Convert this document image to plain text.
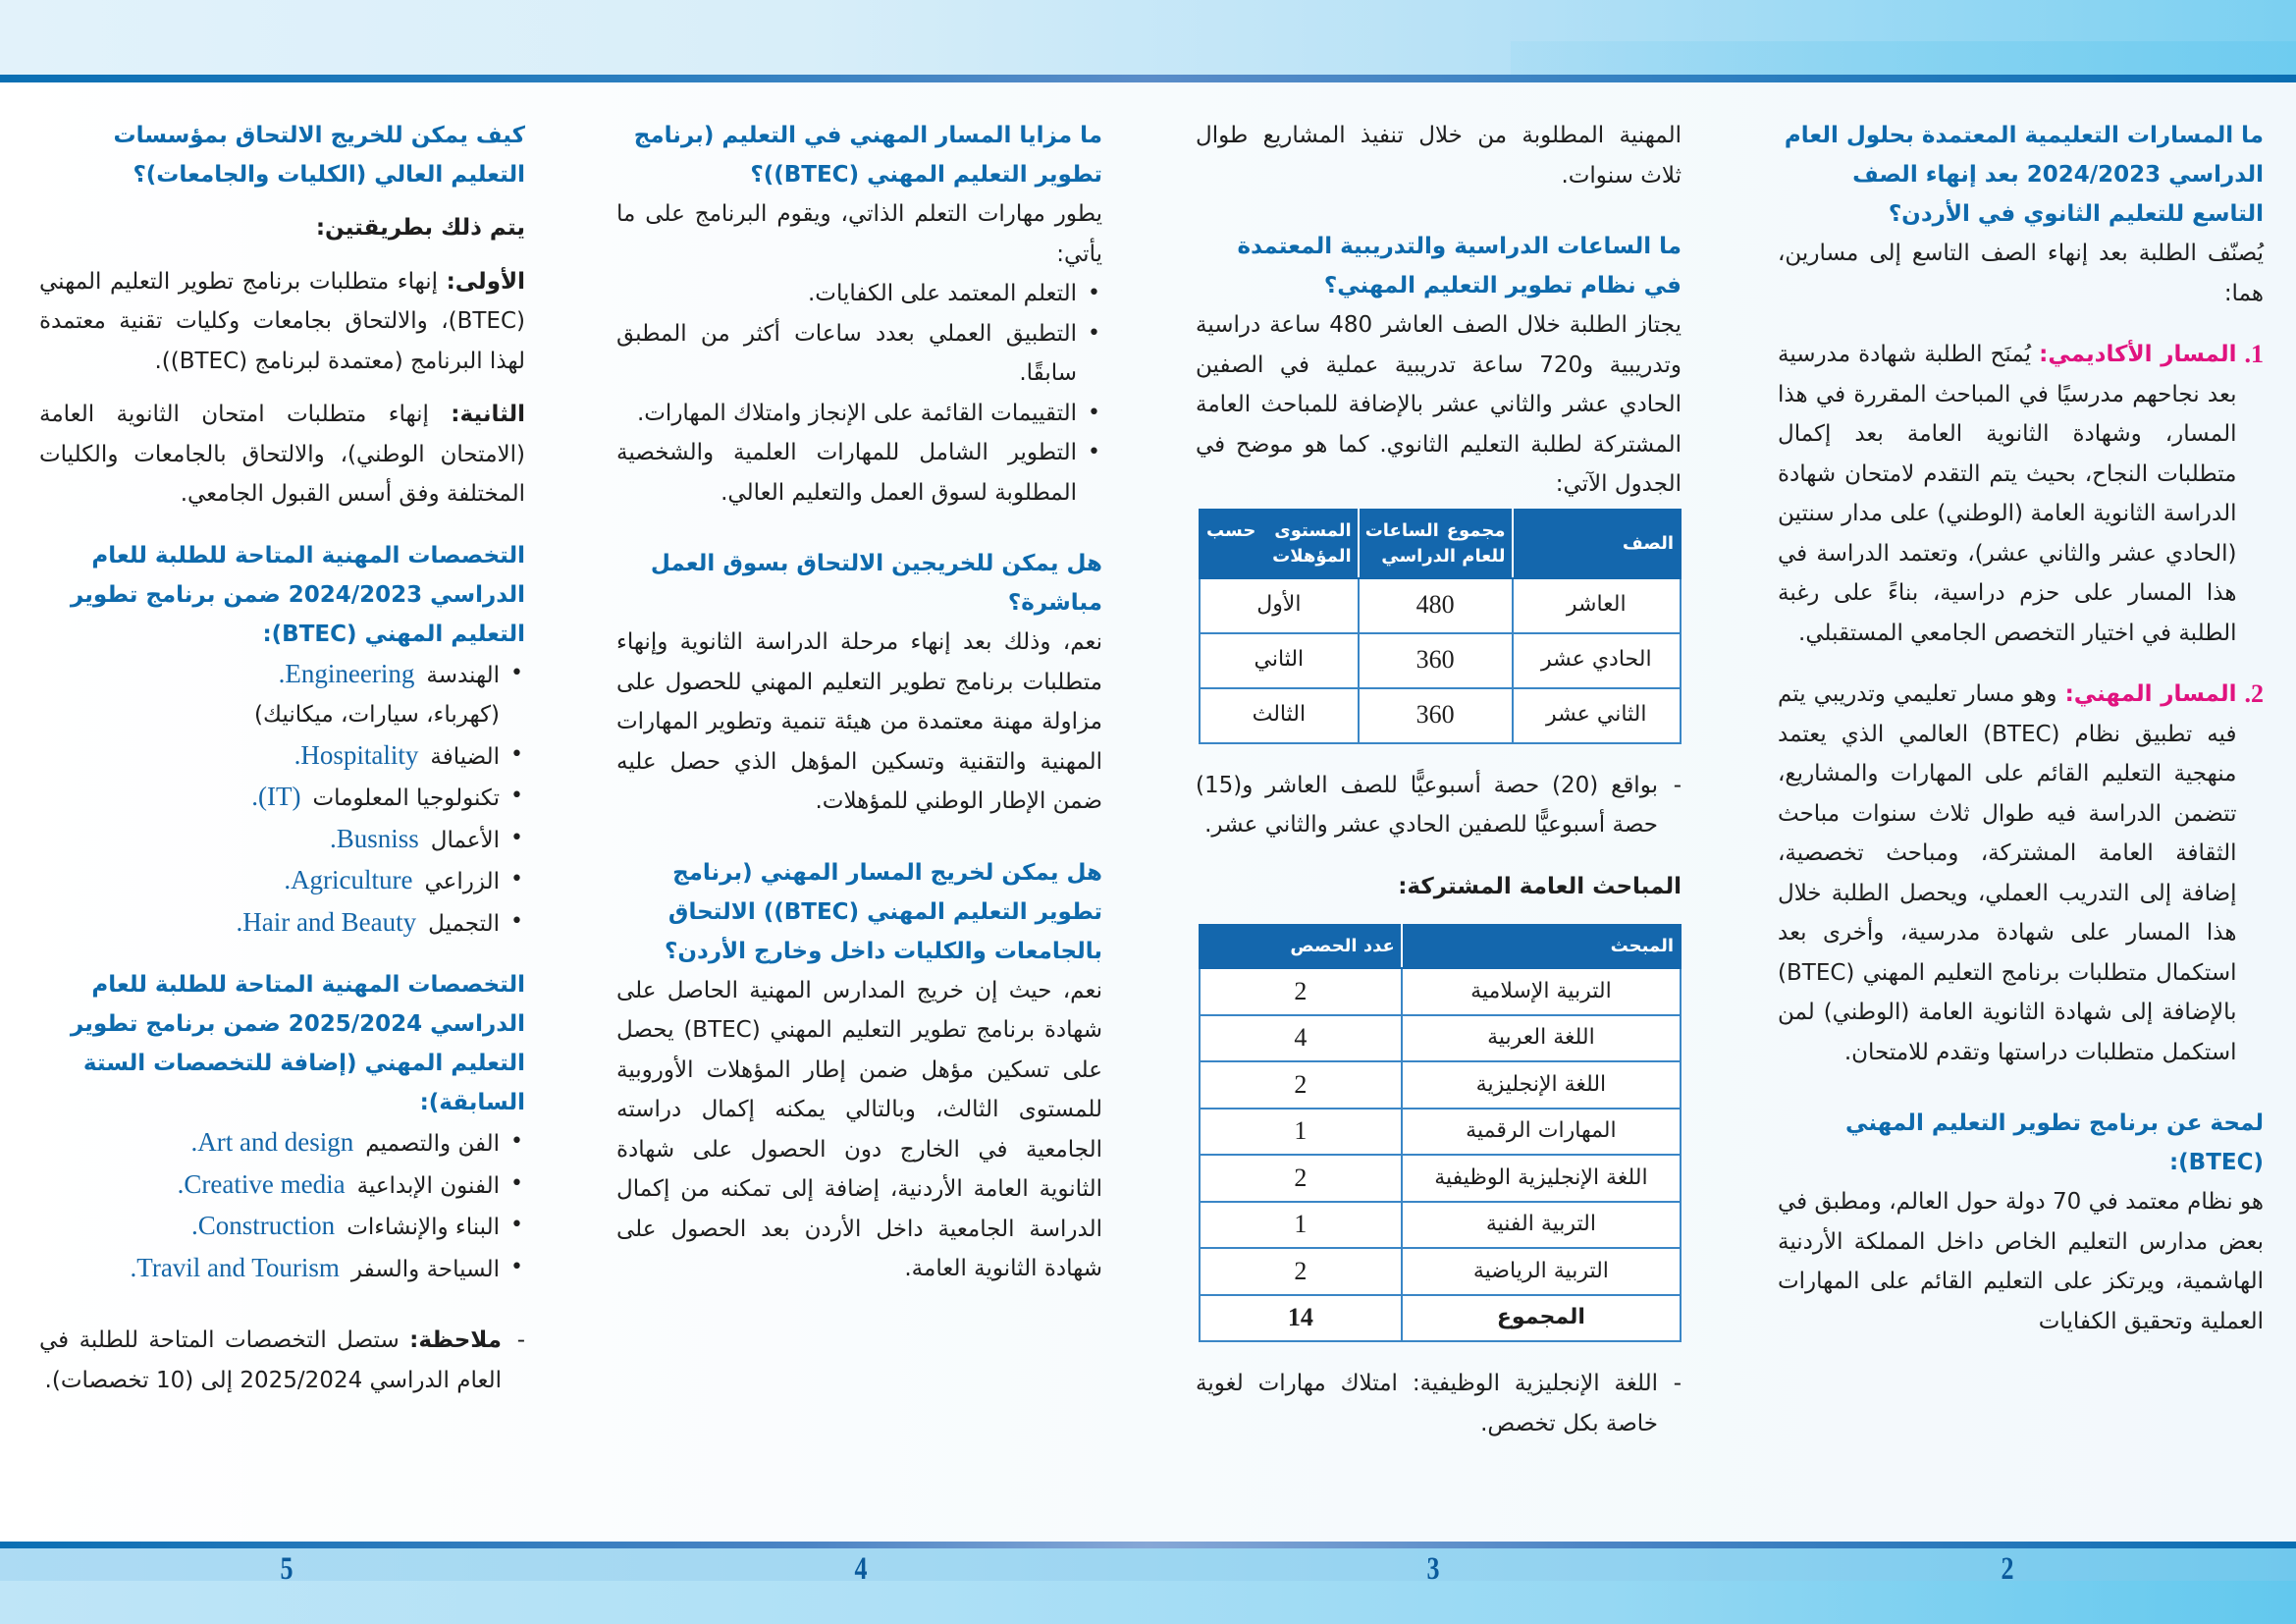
ما المسارات التعليمية المعتمدة بحلول العام الدراسي 2024/2023 بعد إنهاء الصف التاسع للتعليم الثانوي في الأردن؟
يُصنّف الطلبة بعد إنهاء الصف التاسع إلى مسارين، هما:
1.
المسار الأكاديمي: يُمنَح الطلبة شهادة مدرسية بعد نجاحهم مدرسيًا في المباحث المقررة في هذا المسار، وشهادة الثانوية العامة بعد إكمال متطلبات النجاح، بحيث يتم التقدم لامتحان شهادة الدراسة الثانوية العامة (الوطني) على مدار سنتين (الحادي عشر والثاني عشر)، وتعتمد الدراسة في هذا المسار على حزم دراسية، بناءً على رغبة الطلبة في اختيار التخصص الجامعي المستقبلي.
2.
المسار المهني: وهو مسار تعليمي وتدريبي يتم فيه تطبيق نظام (BTEC) العالمي الذي يعتمد منهجية التعليم القائم على المهارات والمشاريع، تتضمن الدراسة فيه طوال ثلاث سنوات مباحث الثقافة العامة المشتركة، ومباحث تخصصية، إضافة إلى التدريب العملي، ويحصل الطلبة خلال هذا المسار على شهادة مدرسية، وأخرى بعد استكمال متطلبات برنامج التعليم المهني (BTEC) بالإضافة إلى شهادة الثانوية العامة (الوطني) لمن استكمل متطلبات دراستها وتقدم للامتحان.
لمحة عن برنامج تطوير التعليم المهني (BTEC):
هو نظام معتمد في 70 دولة حول العالم، ومطبق في بعض مدارس التعليم الخاص داخل المملكة الأردنية الهاشمية، ويرتكز على التعليم القائم على المهارات العملية وتحقيق الكفايات
المهنية المطلوبة من خلال تنفيذ المشاريع طوال ثلاث سنوات.
ما الساعات الدراسية والتدريبية المعتمدة في نظام تطوير التعليم المهني؟
يجتاز الطلبة خلال الصف العاشر 480 ساعة دراسية وتدريبية و720 ساعة تدريبية عملية في الصفين الحادي عشر والثاني عشر بالإضافة للمباحث العامة المشتركة لطلبة التعليم الثانوي. كما هو موضح في الجدول الآتي:
الصف	مجموع الساعات للعام الدراسي	المستوى حسب المؤهلات
العاشر	480	الأول
الحادي عشر	360	الثاني
الثاني عشر	360	الثالث
- بواقع (20) حصة أسبوعيًّا للصف العاشر و(15) حصة أسبوعيًّا للصفين الحادي عشر والثاني عشر.
المباحث العامة المشتركة:
المبحث	عدد الحصص
التربية الإسلامية	2
اللغة العربية	4
اللغة الإنجليزية	2
المهارات الرقمية	1
اللغة الإنجليزية الوظيفية	2
التربية الفنية	1
التربية الرياضية	2
المجموع	14
- اللغة الإنجليزية الوظيفية: امتلاك مهارات لغوية خاصة بكل تخصص.
ما مزايا المسار المهني في التعليم (برنامج تطوير التعليم المهني (BTEC))؟
يطور مهارات التعلم الذاتي، ويقوم البرنامج على ما يأتي:
• التعلم المعتمد على الكفايات.
• التطبيق العملي بعدد ساعات أكثر من المطبق سابقًا.
• التقييمات القائمة على الإنجاز وامتلاك المهارات.
• التطوير الشامل للمهارات العلمية والشخصية المطلوبة لسوق العمل والتعليم العالي.
هل يمكن للخريجين الالتحاق بسوق العمل مباشرة؟
نعم، وذلك بعد إنهاء مرحلة الدراسة الثانوية وإنهاء متطلبات برنامج تطوير التعليم المهني للحصول على مزاولة مهنة معتمدة من هيئة تنمية وتطوير المهارات المهنية والتقنية وتسكين المؤهل الذي حصل عليه ضمن الإطار الوطني للمؤهلات.
هل يمكن لخريج المسار المهني (برنامج تطوير التعليم المهني (BTEC)) الالتحاق بالجامعات والكليات داخل وخارج الأردن؟
نعم، حيث إن خريج المدارس المهنية الحاصل على شهادة برنامج تطوير التعليم المهني (BTEC) يحصل على تسكين مؤهل ضمن إطار المؤهلات الأوروبية للمستوى الثالث، وبالتالي يمكنه إكمال دراسته الجامعية في الخارج دون الحصول على شهادة الثانوية العامة الأردنية، إضافة إلى تمكنه من إكمال الدراسة الجامعية داخل الأردن بعد الحصول على شهادة الثانوية العامة.
كيف يمكن للخريج الالتحاق بمؤسسات التعليم العالي (الكليات والجامعات)؟
يتم ذلك بطريقتين:
الأولى: إنهاء متطلبات برنامج تطوير التعليم المهني (BTEC)، والالتحاق بجامعات وكليات تقنية معتمدة لهذا البرنامج (معتمدة لبرنامج (BTEC)).
الثانية: إنهاء متطلبات امتحان الثانوية العامة (الامتحان الوطني)، والالتحاق بالجامعات والكليات المختلفة وفق أسس القبول الجامعي.
التخصصات المهنية المتاحة للطلبة للعام الدراسي 2024/2023 ضمن برنامج تطوير التعليم المهني (BTEC):
• الهندسةEngineering.
(كهرباء، سيارات، ميكانيك)
• الضيافةHospitality.
• تكنولوجيا المعلومات(IT).
• الأعمالBusniss.
• الزراعيAgriculture.
• التجميلHair and Beauty.
التخصصات المهنية المتاحة للطلبة للعام الدراسي 2025/2024 ضمن برنامج تطوير التعليم المهني (إضافة للتخصصات الستة السابقة):
• الفن والتصميمArt and design.
• الفنون الإبداعيةCreative media.
• البناء والإنشاءاتConstruction.
• السياحة والسفرTravil and Tourism.
- ملاحظة: ستصل التخصصات المتاحة للطلبة في العام الدراسي 2025/2024 إلى (10 تخصصات).
2
3
4
5
